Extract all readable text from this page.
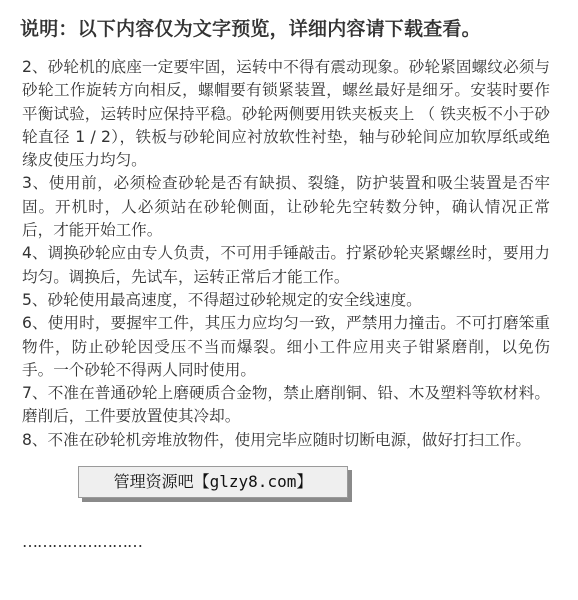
说明：以下内容仅为文字预览，详细内容请下载查看。

2、砂轮机的底座一定要牢固，运转中不得有震动现象。砂轮紧固螺纹必须与砂轮工作旋转方向相反，螺帽要有锁紧装置，螺丝最好是细牙。安装时要作平衡试验，运转时应保持平稳。砂轮两侧要用铁夹板夹上 （ 铁夹板不小于砂轮直径 1 / 2），铁板与砂轮间应衬放软性衬垫，轴与砂轮间应加软厚纸或绝缘皮使压力均匀。

3、使用前，必须检查砂轮是否有缺损、裂缝，防护装置和吸尘装置是否牢固。开机时，人必须站在砂轮侧面，让砂轮先空转数分钟，确认情况正常后，才能开始工作。

4、调换砂轮应由专人负责，不可用手锤敲击。拧紧砂轮夹紧螺丝时，要用力均匀。调换后，先试车，运转正常后才能工作。

5、砂轮使用最高速度，不得超过砂轮规定的安全线速度。

6、使用时，要握牢工件，其压力应均匀一致，严禁用力撞击。不可打磨笨重物件，防止砂轮因受压不当而爆裂。细小工件应用夹子钳紧磨削，以免伤手。一个砂轮不得两人同时使用。

7、不准在普通砂轮上磨硬质合金物，禁止磨削铜、铅、木及塑料等软材料。磨削后，工件要放置使其冷却。

8、不准在砂轮机旁堆放物件，使用完毕应随时切断电源，做好打扫工作。

……………………
管理资源吧【glzy8.com】
